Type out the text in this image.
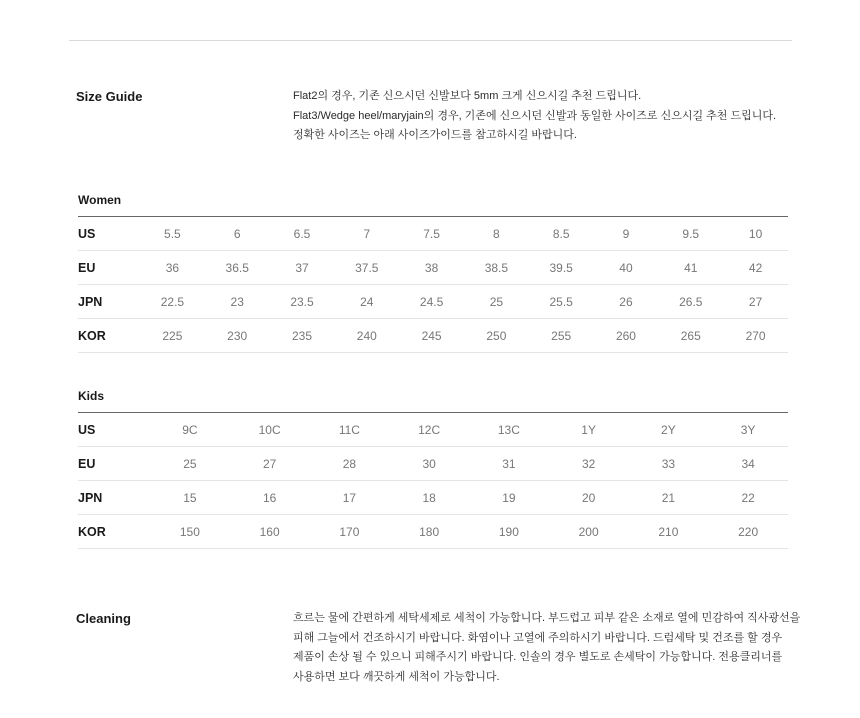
Size Guide	Flat2의 경우, 기존 신으시던 신발보다 5mm 크게 신으시길 추천 드립니다.

Flat3/Wedge heel/maryjain의 경우, 기존에 신으시던 신발과 동일한 사이즈로 신으시길 추천 드립니다.

정확한 사이즈는 아래 사이즈가이드를 참고하시길 바랍니다.

Women
US	5.5	6	6.5	7	7.5	8	8.5	9	9.5	10
EU	36	36.5	37	37.5	38	38.5	39.5	40	41	42
JPN	22.5	23	23.5	24	24.5	25	25.5	26	26.5	27
KOR	225	230	235	240	245	250	255	260	265	270
Kids
US	9C	10C	11C	12C	13C	1Y	2Y	3Y
EU	25	27	28	30	31	32	33	34
JPN	15	16	17	18	19	20	21	22
KOR	150	160	170	180	190	200	210	220
Cleaning	흐르는 물에 간편하게 세탁세제로 세척이 가능합니다. 부드럽고 피부 같은 소재로 열에 민감하여 직사광선을

피해 그늘에서 건조하시기 바랍니다. 화염이나 고열에 주의하시기 바랍니다. 드럼세탁 및 건조를 할 경우

제품이 손상 될 수 있으니 피해주시기 바랍니다. 인솔의 경우 별도로 손세탁이 가능합니다. 전용클리너를

사용하면 보다 깨끗하게 세척이 가능합니다.
